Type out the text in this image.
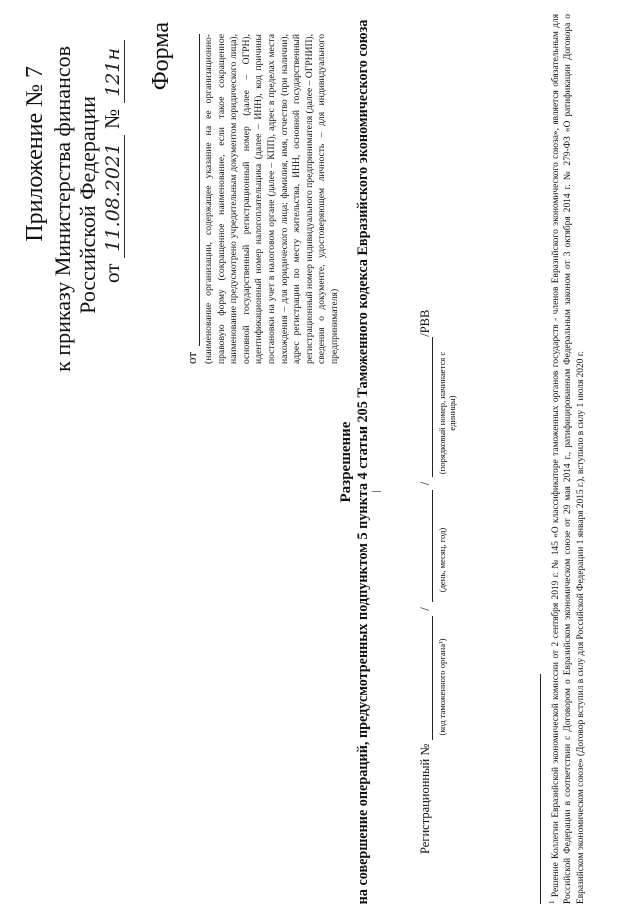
Приложение № 7 к приказу Министерства финансов Российской Федерации от
11.08.2021
№
121н Форма
от (наименование организации, содержащее указание на ее организационно-правовую форму (сокращенное наименование, если такое сокращенное наименование предусмотрено учредительным документом юридического лица), основной государственный регистрационный номер (далее – ОГРН), идентификационный номер налогоплательщика (далее – ИНН), код причины постановки на учет в налоговом органе (далее – КПП), адрес в пределах места нахождения – для юридического лица; фамилия, имя, отчество (при наличии), адрес регистрации по месту жительства, ИНН, основной государственный регистрационный номер индивидуального предпринимателя (далее – ОГРНИП), сведения о документе, удостоверяющем личность – для индивидуального предпринимателя)
Разрешение на совершение операций, предусмотренных подпунктом 5 пункта 4 статьи 205 Таможенного кодекса Евразийского экономического союза	Регистрационный №
/
/
/РВВ
(код таможенного органа¹)
(день, месяц, год)
(порядковый номер, начинается с единицы)
$^1$ Решение Коллегии Евразийской экономической комиссии от 2 сентября 2019 г. № 145 «О классификаторе таможенных органов государств - членов Евразийского экономического союза», является обязательным для Российской Федерации в соответствии с Договором о Евразийском экономическом союзе от 29 мая 2014 г., ратифицированным Федеральным законом от 3 октября 2014 г. № 279-ФЗ «О ратификации Договора о Евразийском экономическом союзе» (Договор вступил в силу для Российской Федерации 1 января 2015 г.), вступило в силу 1 июля 2020 г.
